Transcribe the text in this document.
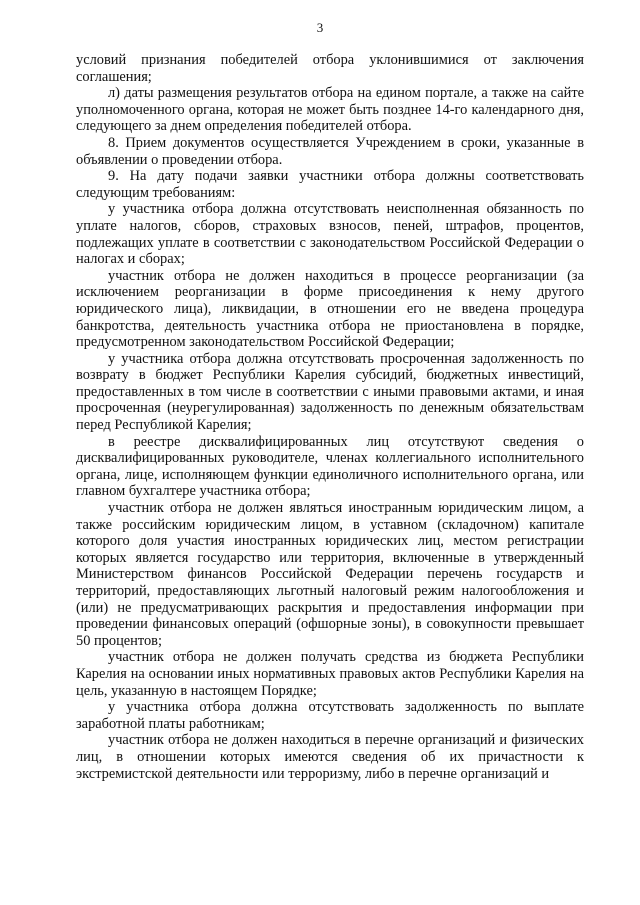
3

условий признания победителей отбора уклонившимися от заключения соглашения;

л) даты размещения результатов отбора на едином портале, а также на сайте уполномоченного органа, которая не может быть позднее 14-го календарного дня, следующего за днем определения победителей отбора.

8. Прием документов осуществляется Учреждением в сроки, указанные в объявлении о проведении отбора.

9. На дату подачи заявки участники отбора должны соответствовать следующим требованиям:

у участника отбора должна отсутствовать неисполненная обязанность по уплате налогов, сборов, страховых взносов, пеней, штрафов, процентов, подлежащих уплате в соответствии с законодательством Российской Федерации о налогах и сборах;

участник отбора не должен находиться в процессе реорганизации (за исключением реорганизации в форме присоединения к нему другого юридического лица), ликвидации, в отношении его не введена процедура банкротства, деятельность участника отбора не приостановлена в порядке, предусмотренном законодательством Российской Федерации;

у участника отбора должна отсутствовать просроченная задолженность по возврату в бюджет Республики Карелия субсидий, бюджетных инвестиций, предоставленных в том числе в соответствии с иными правовыми актами, и иная просроченная (неурегулированная) задолженность по денежным обязательствам перед Республикой Карелия;

в реестре дисквалифицированных лиц отсутствуют сведения о дисквалифицированных руководителе, членах коллегиального исполнительного органа, лице, исполняющем функции единоличного исполнительного органа, или главном бухгалтере участника отбора;

участник отбора не должен являться иностранным юридическим лицом, а также российским юридическим лицом, в уставном (складочном) капитале которого доля участия иностранных юридических лиц, местом регистрации которых является государство или территория, включенные в утвержденный Министерством финансов Российской Федерации перечень государств и территорий, предоставляющих льготный налоговый режим налогообложения и (или) не предусматривающих раскрытия и предоставления информации при проведении финансовых операций (офшорные зоны), в совокупности превышает 50 процентов;

участник отбора не должен получать средства из бюджета Республики Карелия на основании иных нормативных правовых актов Республики Карелия на цель, указанную в настоящем Порядке;

у участника отбора должна отсутствовать задолженность по выплате заработной платы работникам;

участник отбора не должен находиться в перечне организаций и физических лиц, в отношении которых имеются сведения об их причастности к экстремистской деятельности или терроризму, либо в перечне организаций и
